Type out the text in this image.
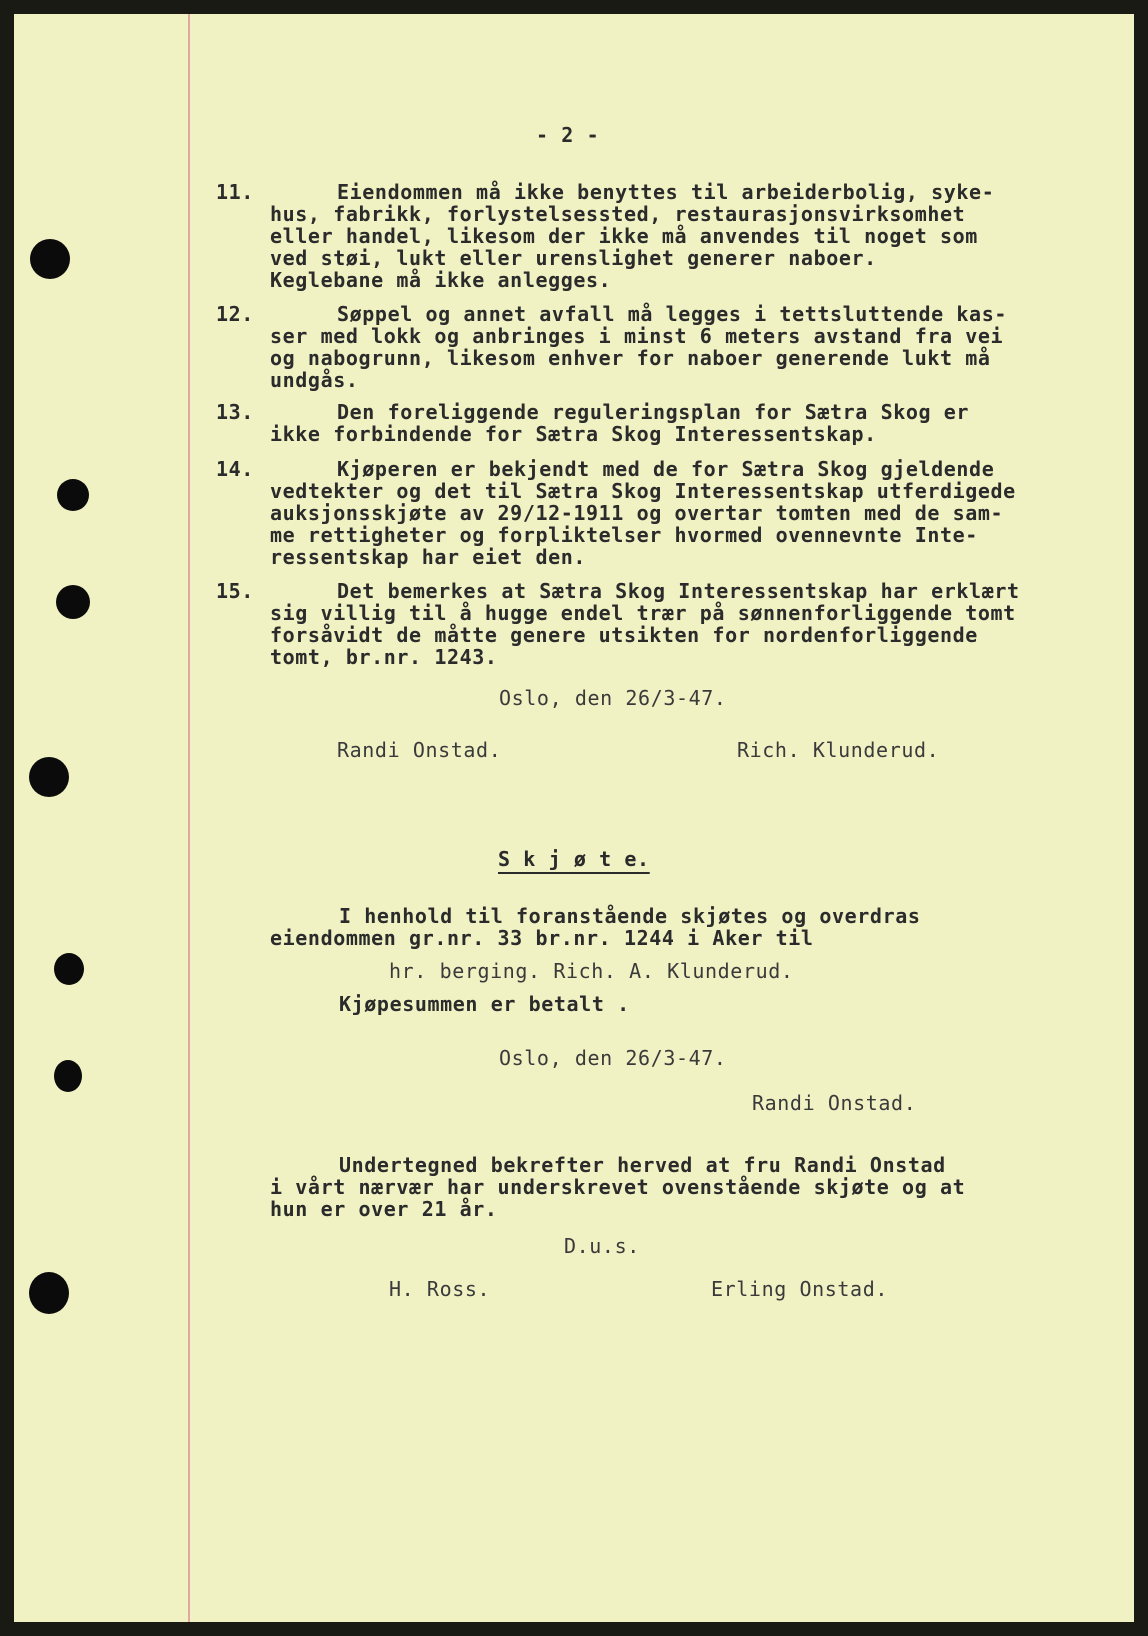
- 2 -
11.	Eiendommen må ikke benyttes til arbeiderbolig, syke-
hus, fabrikk, forlystelsessted, restaurasjonsvirksomhet
eller handel, likesom der ikke må anvendes til noget som
ved støi, lukt eller urenslighet generer naboer.
Keglebane må ikke anlegges.
12.	Søppel og annet avfall må legges i tettsluttende kas-
ser med lokk og anbringes i minst 6 meters avstand fra vei
og nabogrunn, likesom enhver for naboer generende lukt må
undgås.
13.	Den foreliggende reguleringsplan for Sætra Skog er
ikke forbindende for Sætra Skog Interessentskap.
14.	Kjøperen er bekjendt med de for Sætra Skog gjeldende
vedtekter og det til Sætra Skog Interessentskap utferdigede
auksjonsskjøte av 29/12-1911 og overtar tomten med de sam-
me rettigheter og forpliktelser hvormed ovennevnte Inte-
ressentskap har eiet den.
15.	Det bemerkes at Sætra Skog Interessentskap har erklært
sig villig til å hugge endel trær på sønnenforliggende tomt
forsåvidt de måtte genere utsikten for nordenforliggende
tomt, br.nr. 1243.
Oslo, den 26/3-47.
Randi Onstad.	Rich. Klunderud.
S k j ø t e.
I henhold til foranstående skjøtes og overdras
eiendommen gr.nr. 33 br.nr. 1244 i Aker til
hr. berging. Rich. A. Klunderud.
Kjøpesummen er betalt .
Oslo, den 26/3-47.
Randi Onstad.
Undertegned bekrefter herved at fru Randi Onstad
i vårt nærvær har underskrevet ovenstående skjøte og at
hun er over 21 år.
D.u.s.
H. Ross.	Erling Onstad.
